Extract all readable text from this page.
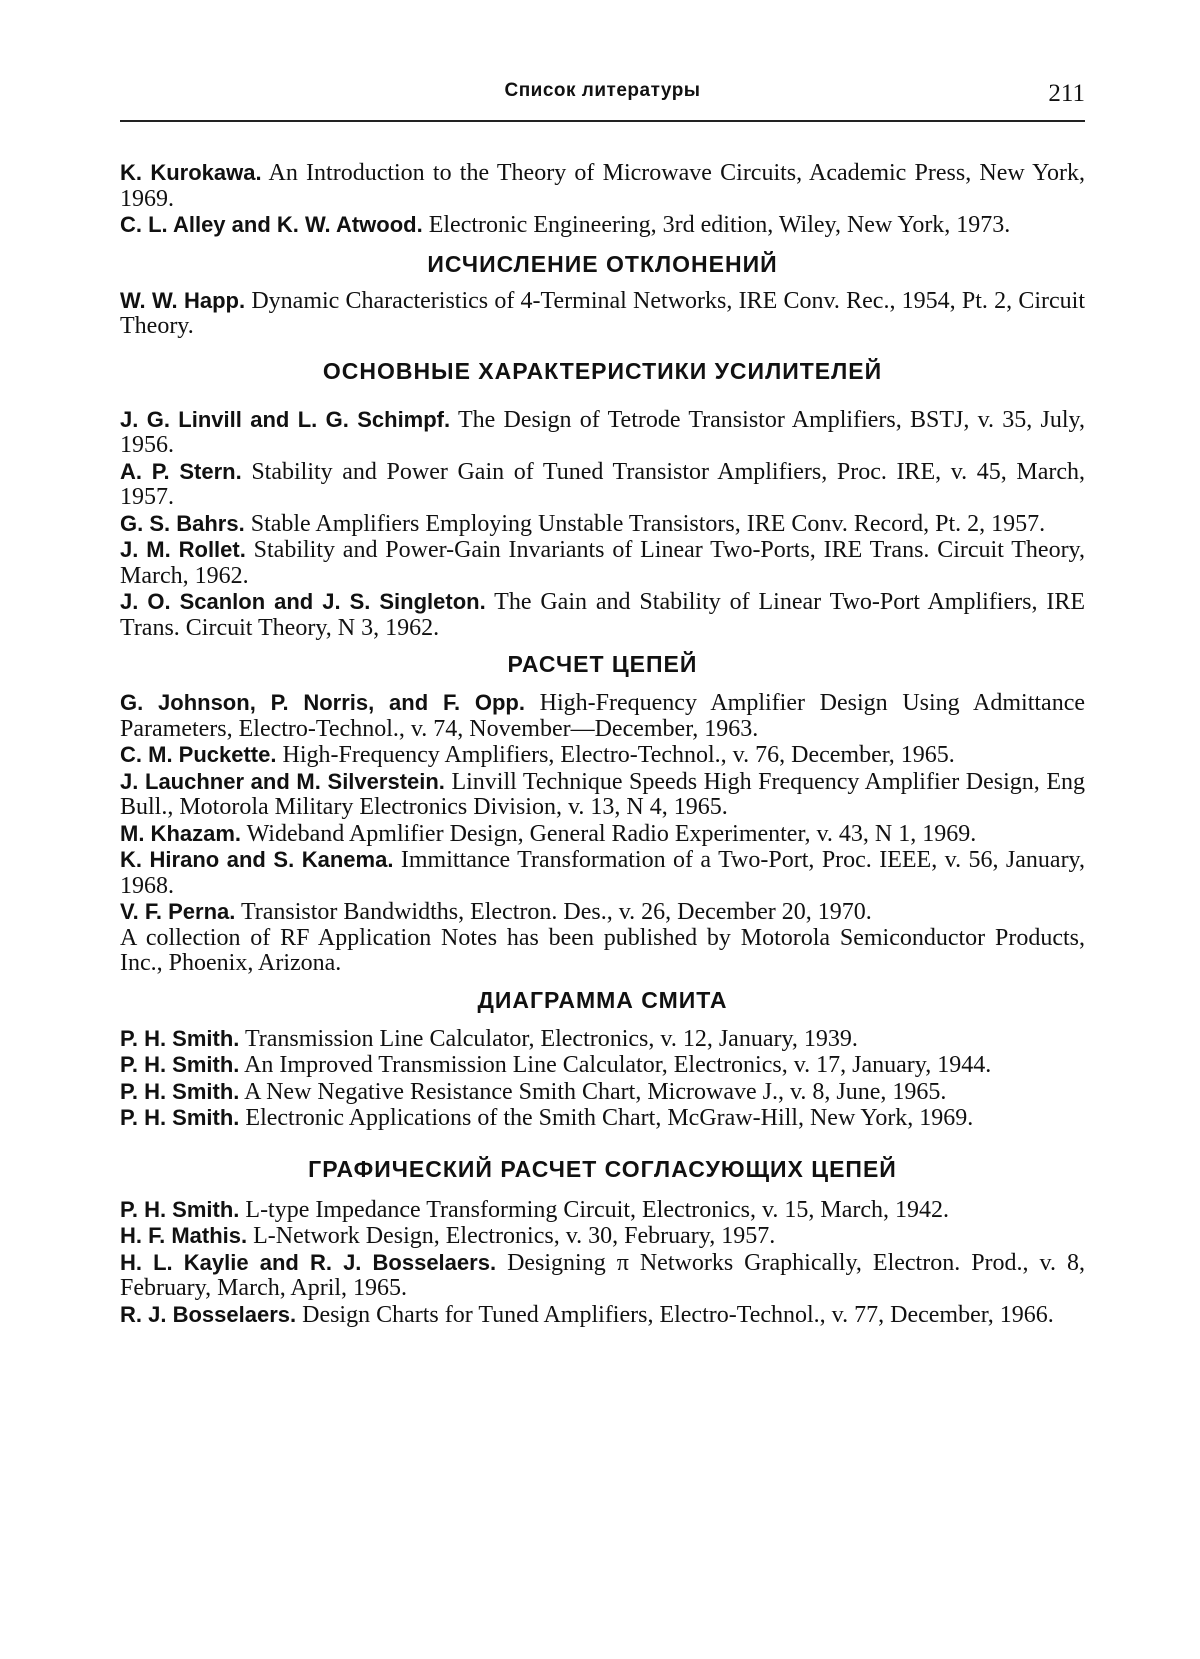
Список литературы	211

K. Kurokawa. An Introduction to the Theory of Microwave Circuits, Academic Press, New York, 1969.

C. L. Alley and K. W. Atwood. Electronic Engineering, 3rd edition, Wiley, New York, 1973.

ИСЧИСЛЕНИЕ ОТКЛОНЕНИЙ

W. W. Happ. Dynamic Characteristics of 4-Terminal Networks, IRE Conv. Rec., 1954, Pt. 2, Circuit Theory.

ОСНОВНЫЕ ХАРАКТЕРИСТИКИ УСИЛИТЕЛЕЙ

J. G. Linvill and L. G. Schimpf. The Design of Tetrode Transistor Amplifiers, BSTJ, v. 35, July, 1956.

A. P. Stern. Stability and Power Gain of Tuned Transistor Amplifiers, Proc. IRE, v. 45, March, 1957.

G. S. Bahrs. Stable Amplifiers Employing Unstable Transistors, IRE Conv. Record, Pt. 2, 1957.

J. M. Rollet. Stability and Power-Gain Invariants of Linear Two-Ports, IRE Trans. Circuit Theory, March, 1962.

J. O. Scanlon and J. S. Singleton. The Gain and Stability of Linear Two-Port Amplifiers, IRE Trans. Circuit Theory, N 3, 1962.

РАСЧЕТ ЦЕПЕЙ

G. Johnson, P. Norris, and F. Opp. High-Frequency Amplifier Design Using Admittance Parameters, Electro-Technol., v. 74, November—December, 1963.

C. M. Puckette. High-Frequency Amplifiers, Electro-Technol., v. 76, December, 1965.

J. Lauchner and M. Silverstein. Linvill Technique Speeds High Frequency Amplifier Design, Eng Bull., Motorola Military Electronics Division, v. 13, N 4, 1965.

M. Khazam. Wideband Apmlifier Design, General Radio Experimenter, v. 43, N 1, 1969.

K. Hirano and S. Kanema. Immittance Transformation of a Two-Port, Proc. IEEE, v. 56, January, 1968.

V. F. Perna. Transistor Bandwidths, Electron. Des., v. 26, December 20, 1970.

A collection of RF Application Notes has been published by Motorola Semiconductor Products, Inc., Phoenix, Arizona.

ДИАГРАММА СМИТА

P. H. Smith. Transmission Line Calculator, Electronics, v. 12, January, 1939.

P. H. Smith. An Improved Transmission Line Calculator, Electronics, v. 17, January, 1944.

P. H. Smith. A New Negative Resistance Smith Chart, Microwave J., v. 8, June, 1965.

P. H. Smith. Electronic Applications of the Smith Chart, McGraw-Hill, New York, 1969.

ГРАФИЧЕСКИЙ РАСЧЕТ СОГЛАСУЮЩИХ ЦЕПЕЙ

P. H. Smith. L-type Impedance Transforming Circuit, Electronics, v. 15, March, 1942.

H. F. Mathis. L-Network Design, Electronics, v. 30, February, 1957.

H. L. Kaylie and R. J. Bosselaers. Designing π Networks Graphically, Electron. Prod., v. 8, February, March, April, 1965.

R. J. Bosselaers. Design Charts for Tuned Amplifiers, Electro-Technol., v. 77, December, 1966.
